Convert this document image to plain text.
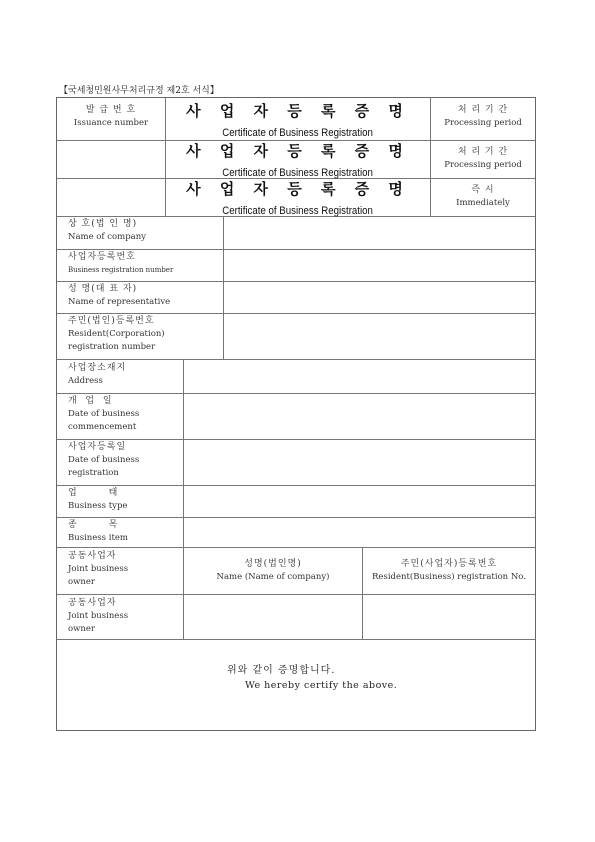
【국세청민원사무처리규정 제2호 서식】
발 급 번 호
Issuance number
사 업 자 등 록 증 명
Certificate of Business Registration
처 리 기 간
Processing period
사 업 자 등 록 증 명
Certificate of Business Registration
처 리 기 간
Processing period
사 업 자 등 록 증 명
Certificate of Business Registration
즉 시
Immediately
상 호(법 인 명)
Name of company
사업자등록번호
Business registration number
성 명(대 표 자)
Name of representative
주민(법인)등록번호
Resident(Corporation)
registration number
사업장소재지
Address
개  업  일
Date of business
commencement
사업자등록일
Date of business
registration
업        태
Business type
종        목
Business item
공동사업자
Joint business
owner
성명(법인명)
Name (Name of company)
주민(사업자)등록번호
Resident(Business) registration No.
공동사업자
Joint business
owner
위와 같이 증명합니다.
We hereby certify the above.
